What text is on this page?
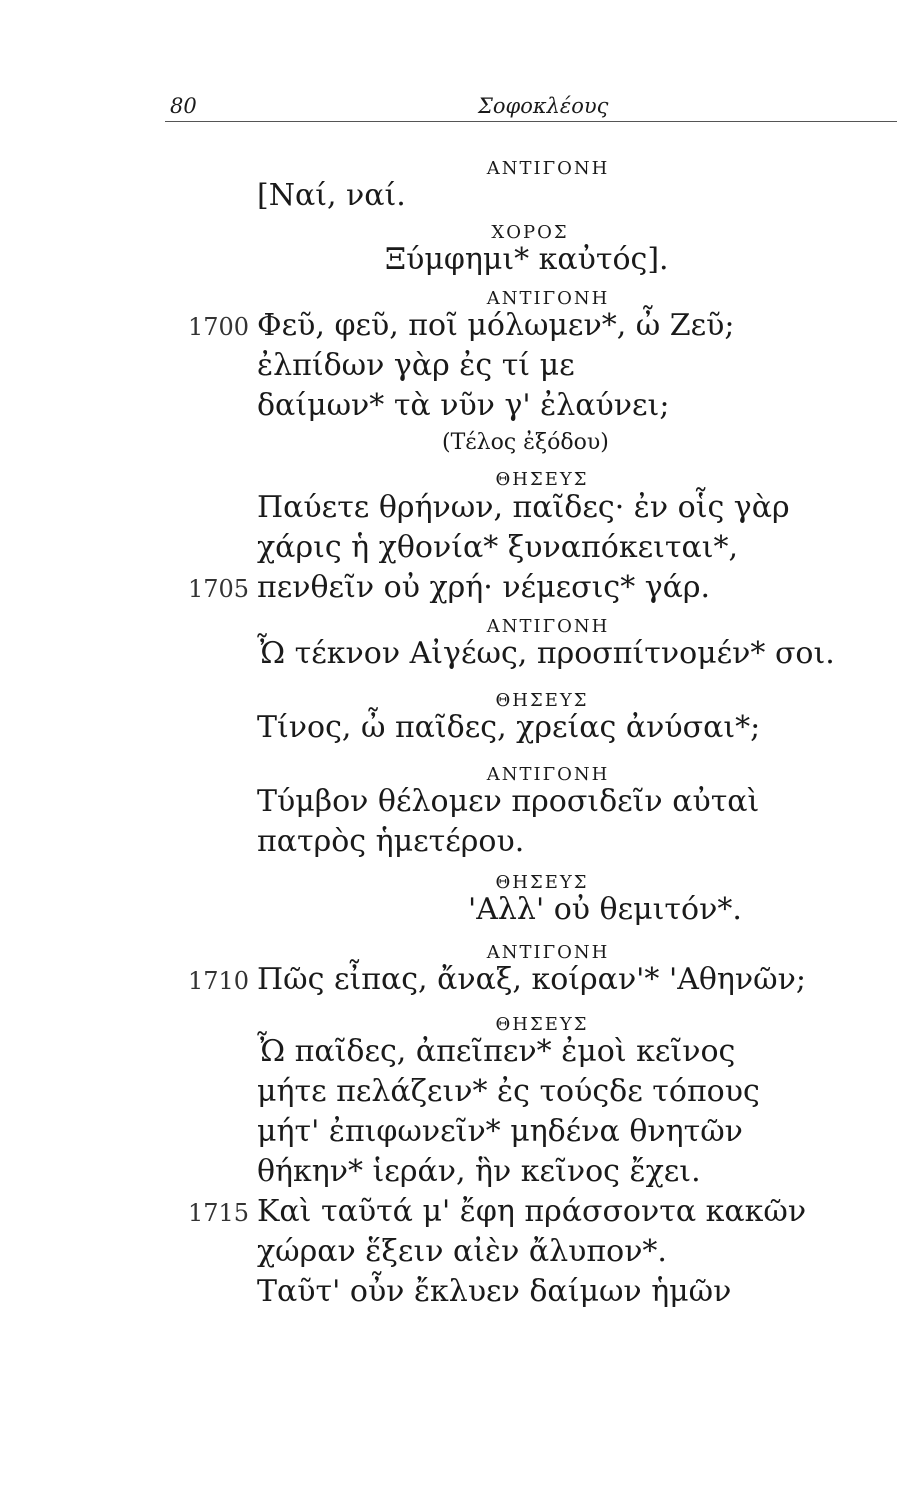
80	Σοφοκλέους
ΑΝΤΙΓΟΝΗ
ΧΟΡΟΣ
ΑΝΤΙΓΟΝΗ
ΘΗΣΕΥΣ
ΑΝΤΙΓΟΝΗ
ΘΗΣΕΥΣ
ΑΝΤΙΓΟΝΗ
ΘΗΣΕΥΣ
ΑΝΤΙΓΟΝΗ
ΘΗΣΕΥΣ
[Ναί, ναί.
Ξύμφημι* καὐτός].
Φεῦ, φεῦ, ποῖ μόλωμεν*, ὦ Ζεῦ;
ἐλπίδων γὰρ ἐς τί με
δαίμων* τὰ νῦν γ' ἐλαύνει;
(Τέλος ἐξόδου)
Παύετε θρήνων, παῖδες· ἐν οἷς γὰρ
χάρις ἡ χθονία* ξυναπόκειται*,
πενθεῖν οὐ χρή· νέμεσις* γάρ.
Ὦ τέκνον Αἰγέως, προσπίτνομέν* σοι.
Τίνος, ὦ παῖδες, χρείας ἀνύσαι*;
Τύμβον θέλομεν προσιδεῖν αὐταὶ
πατρὸς ἡμετέρου.
'Αλλ' οὐ θεμιτόν*.
Πῶς εἶπας, ἄναξ, κοίραν'* 'Αθηνῶν;
Ὦ παῖδες, ἀπεῖπεν* ἐμοὶ κεῖνος
μήτε πελάζειν* ἐς τούςδε τόπους
μήτ' ἐπιφωνεῖν* μηδένα θνητῶν
θήκην* ἱεράν, ἣν κεῖνος ἔχει.
Καὶ ταῦτά μ' ἔφη πράσσοντα κακῶν
χώραν ἕξειν αἰὲν ἄλυπον*.
Ταῦτ' οὖν ἔκλυεν δαίμων ἡμῶν
1700
1705
1710
1715
